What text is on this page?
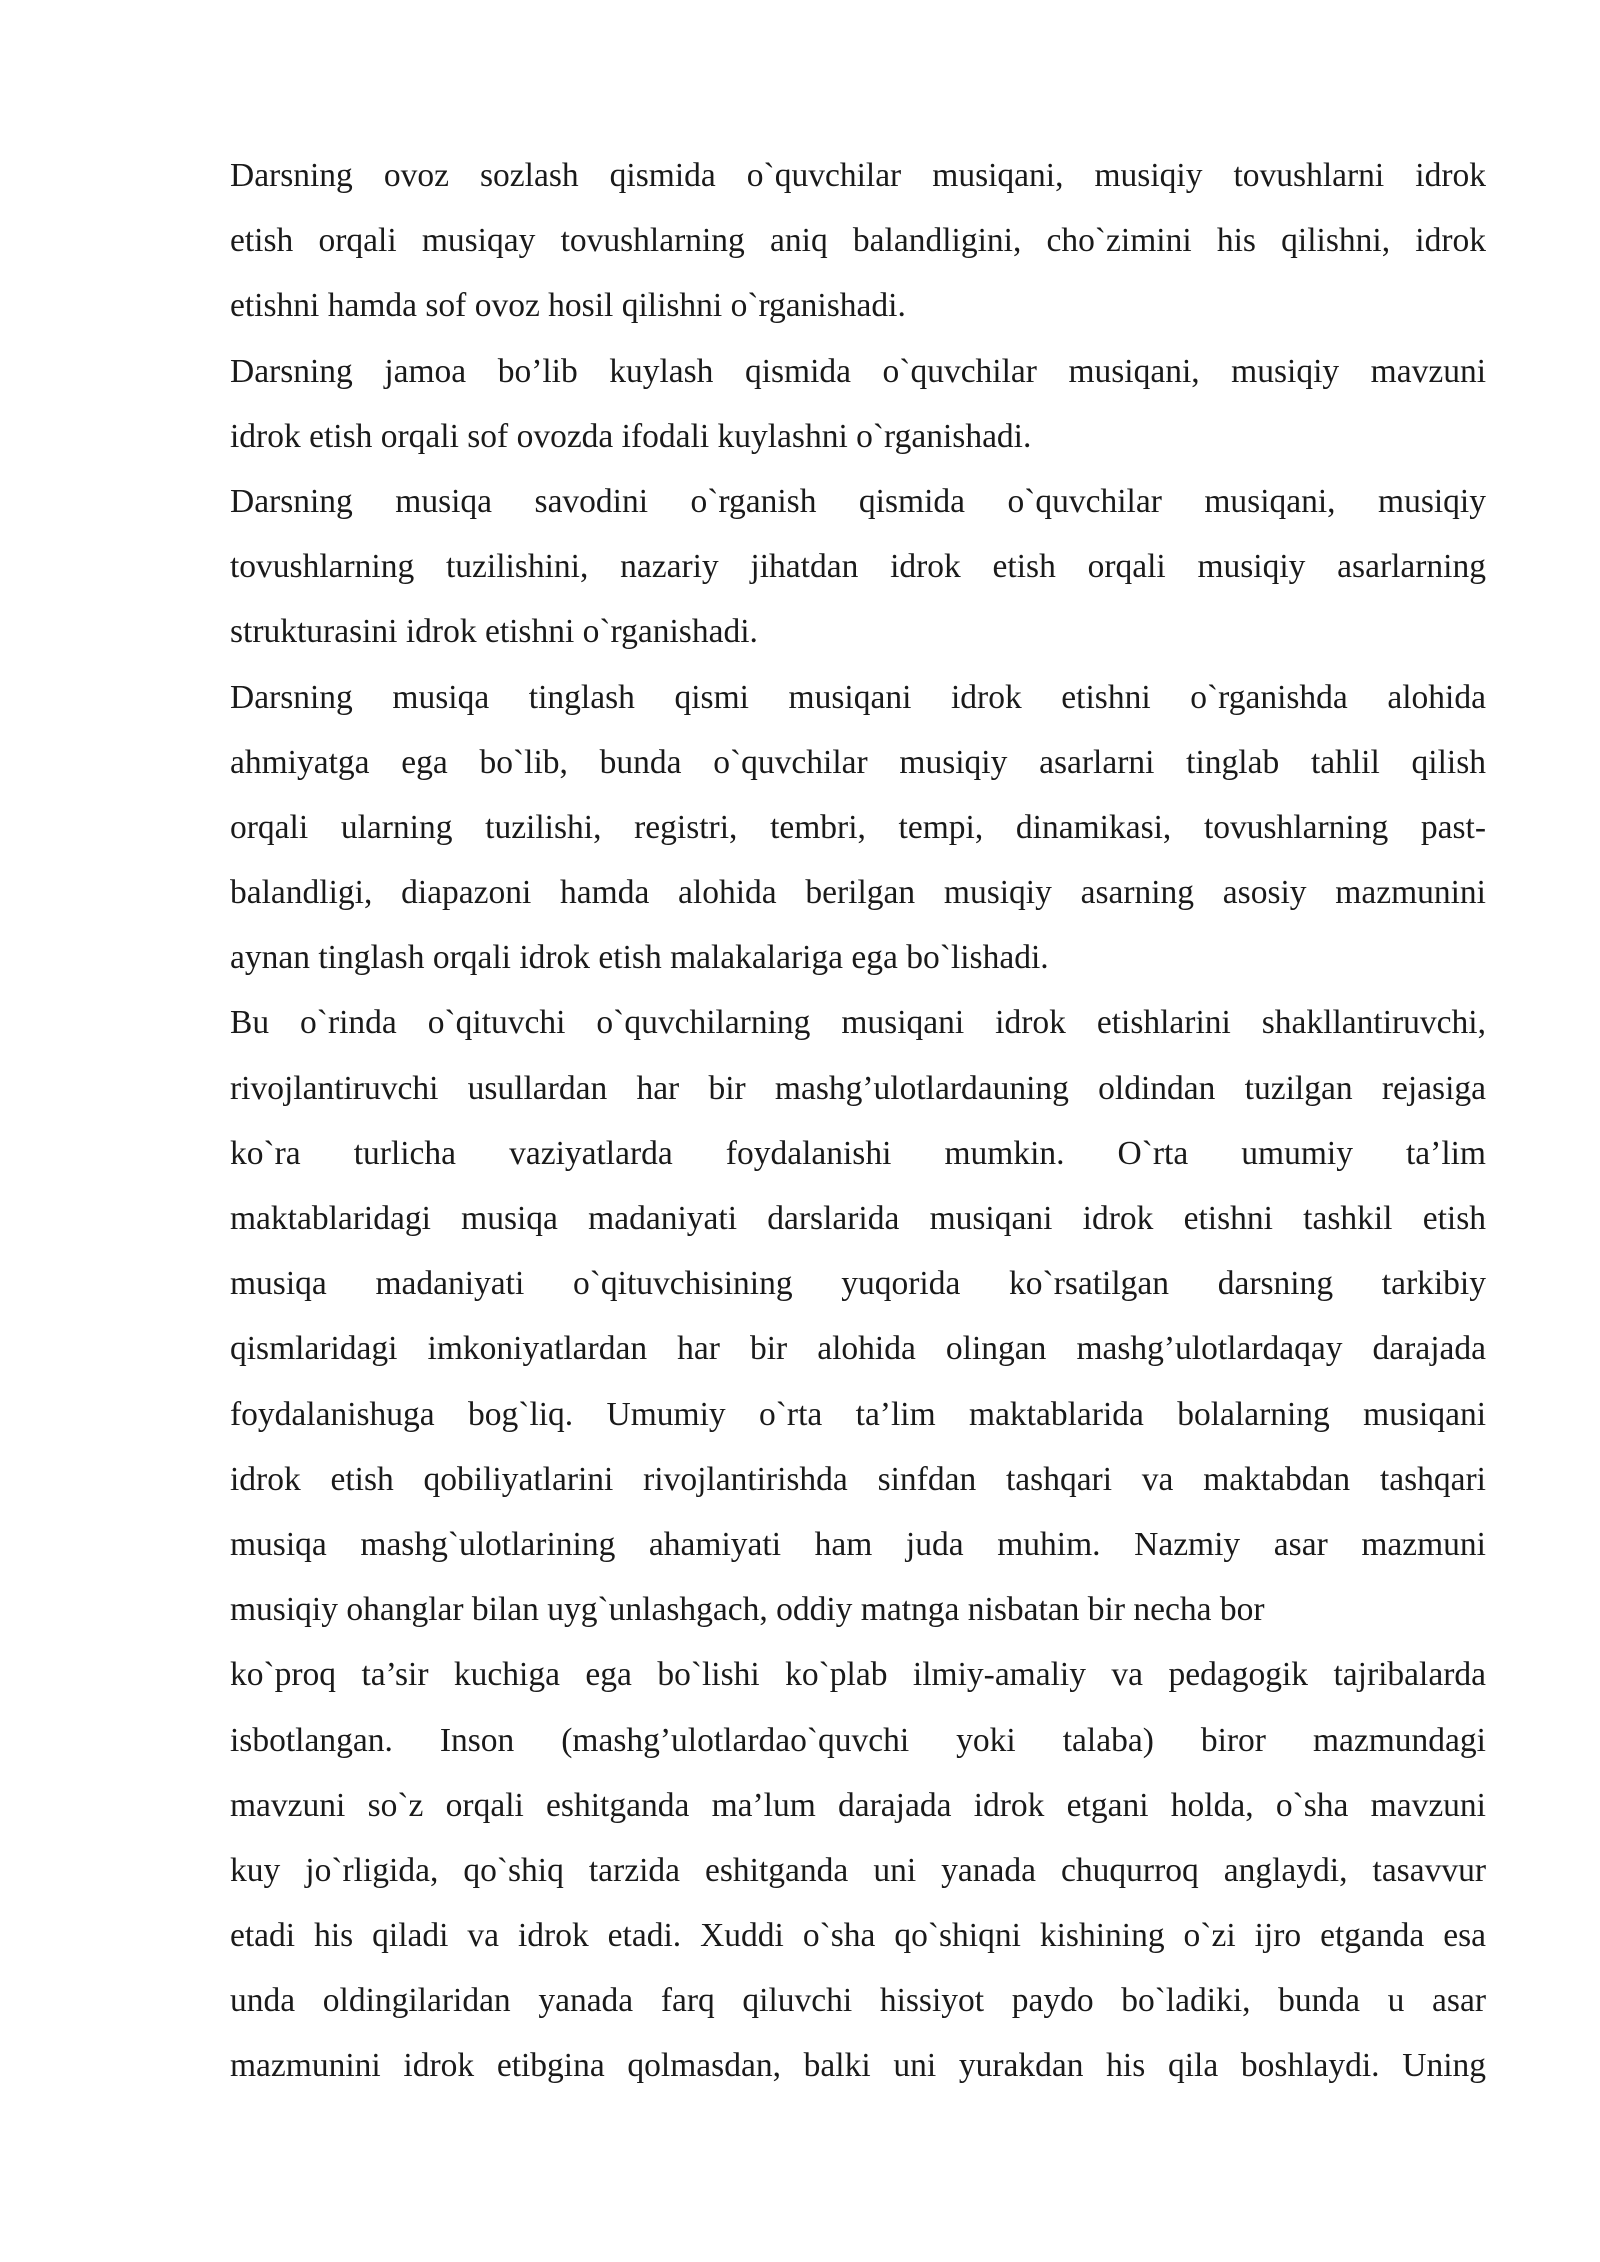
Darsning ovoz sozlash qismida o`quvchilar musiqani, musiqiy tovushlarni idrok
etish orqali musiqay tovushlarning aniq balandligini, cho`zimini his qilishni, idrok
etishni hamda sof ovoz hosil qilishni o`rganishadi.
Darsning jamoa bo’lib kuylash qismida o`quvchilar musiqani, musiqiy mavzuni
idrok etish orqali sof ovozda ifodali kuylashni o`rganishadi.
Darsning musiqa savodini o`rganish qismida o`quvchilar musiqani, musiqiy
tovushlarning tuzilishini, nazariy jihatdan idrok etish orqali musiqiy asarlarning
strukturasini idrok etishni o`rganishadi.
Darsning musiqa tinglash qismi musiqani idrok etishni o`rganishda alohida
ahmiyatga ega bo`lib, bunda o`quvchilar musiqiy asarlarni tinglab tahlil qilish
orqali ularning tuzilishi, registri, tembri, tempi, dinamikasi, tovushlarning past-
balandligi, diapazoni hamda alohida berilgan musiqiy asarning asosiy mazmunini
aynan tinglash orqali idrok etish malakalariga ega bo`lishadi.
Bu o`rinda o`qituvchi o`quvchilarning musiqani idrok etishlarini shakllantiruvchi,
rivojlantiruvchi usullardan har bir mashg’ulotlardauning oldindan tuzilgan rejasiga
ko`ra turlicha vaziyatlarda foydalanishi mumkin. O`rta umumiy ta’lim
maktablaridagi musiqa madaniyati darslarida musiqani idrok etishni tashkil etish
musiqa madaniyati o`qituvchisining yuqorida ko`rsatilgan darsning tarkibiy
qismlaridagi imkoniyatlardan har bir alohida olingan mashg’ulotlardaqay darajada
foydalanishuga bog`liq. Umumiy o`rta ta’lim maktablarida bolalarning musiqani
idrok etish qobiliyatlarini rivojlantirishda sinfdan tashqari va maktabdan tashqari
musiqa mashg`ulotlarining ahamiyati ham juda muhim. Nazmiy asar mazmuni
musiqiy ohanglar bilan uyg`unlashgach, oddiy matnga nisbatan bir necha bor
ko`proq ta’sir kuchiga ega bo`lishi ko`plab ilmiy-amaliy va pedagogik tajribalarda
isbotlangan. Inson (mashg’ulotlardao`quvchi yoki talaba) biror mazmundagi
mavzuni so`z orqali eshitganda ma’lum darajada idrok etgani holda, o`sha mavzuni
kuy jo`rligida, qo`shiq tarzida eshitganda uni yanada chuqurroq anglaydi, tasavvur
etadi his qiladi va idrok etadi. Xuddi o`sha qo`shiqni kishining o`zi ijro etganda esa
unda oldingilaridan yanada farq qiluvchi hissiyot paydo bo`ladiki, bunda u asar
mazmunini idrok etibgina qolmasdan, balki uni yurakdan his qila boshlaydi. Uning
